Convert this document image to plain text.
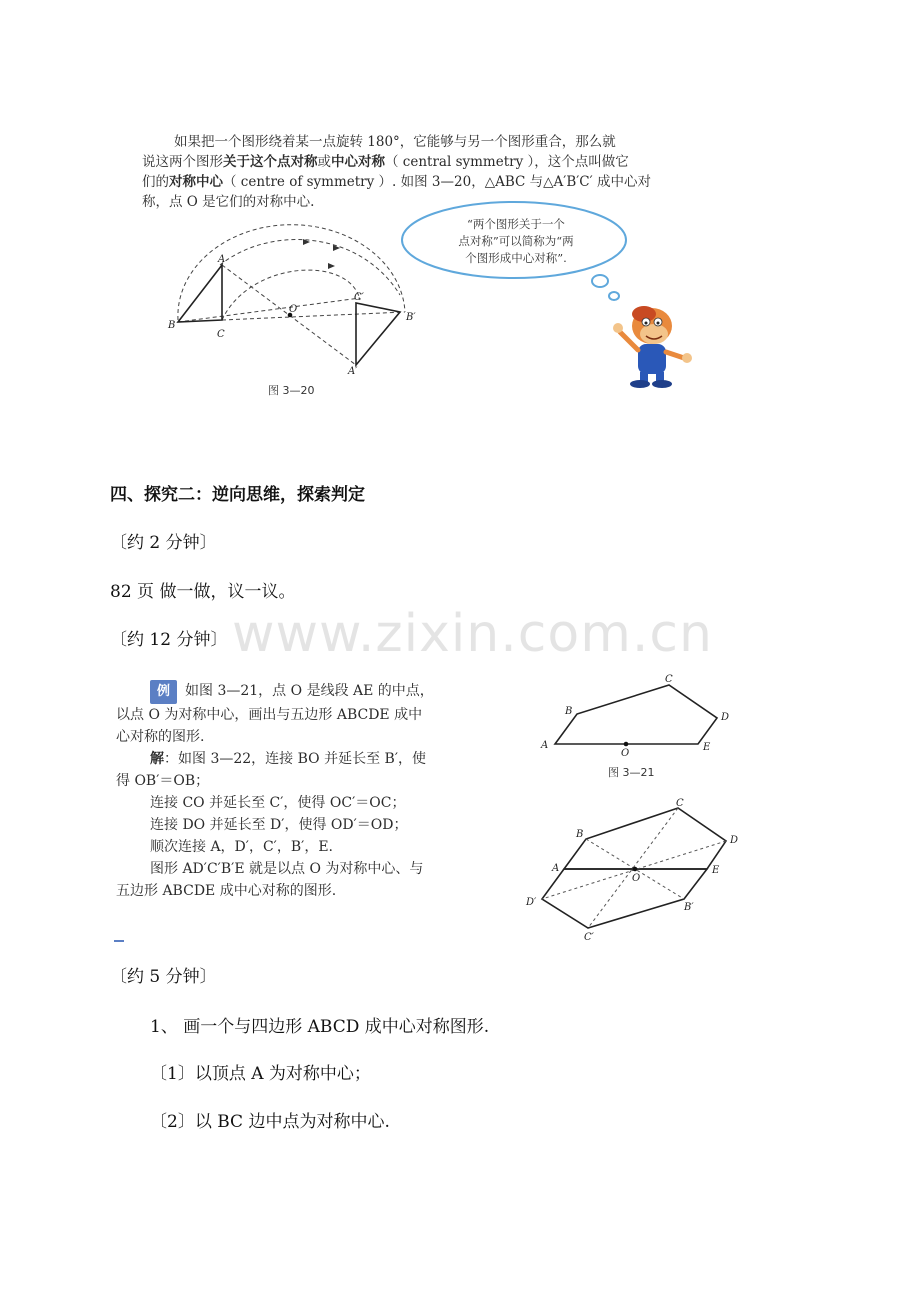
如果把一个图形绕着某一点旋转 180°，它能够与另一个图形重合，那么就
说这两个图形关于这个点对称或中心对称（ central symmetry ），这个点叫做它
们的对称中心（ centre of symmetry ）. 如图 3—20，△ABC 与△A′B′C′ 成中心对
称，点 O 是它们的对称中心.
A
B
C
O
A′
B′
C′
图 3—20
“两个图形关于一个
点对称”可以简称为“两
个图形成中心对称”.
四、探究二：逆向思维，探索判定
〔约 2 分钟〕
82 页 做一做，议一议。
〔约 12 分钟〕 www.zixin.com.cn
例 如图 3—21，点 O 是线段 AE 的中点，
以点 O 为对称中心，画出与五边形 ABCDE 成中
心对称的图形.
解：如图 3—22，连接 BO 并延长至 B′，使
得 OB′＝OB；
连接 CO 并延长至 C′，使得 OC′＝OC；
连接 DO 并延长至 D′，使得 OD′＝OD；
顺次连接 A，D′，C′，B′，E.
图形 AD′C′B′E 就是以点 O 为对称中心、与
五边形 ABCDE 成中心对称的图形.
A
B
C
D
E
O
图 3—21
A
B
C
D
E
O
B′
C′
D′
〔约 5 分钟〕
1、 画一个与四边形 ABCD 成中心对称图形.
〔1〕以顶点 A 为对称中心；
〔2〕以 BC 边中点为对称中心.
